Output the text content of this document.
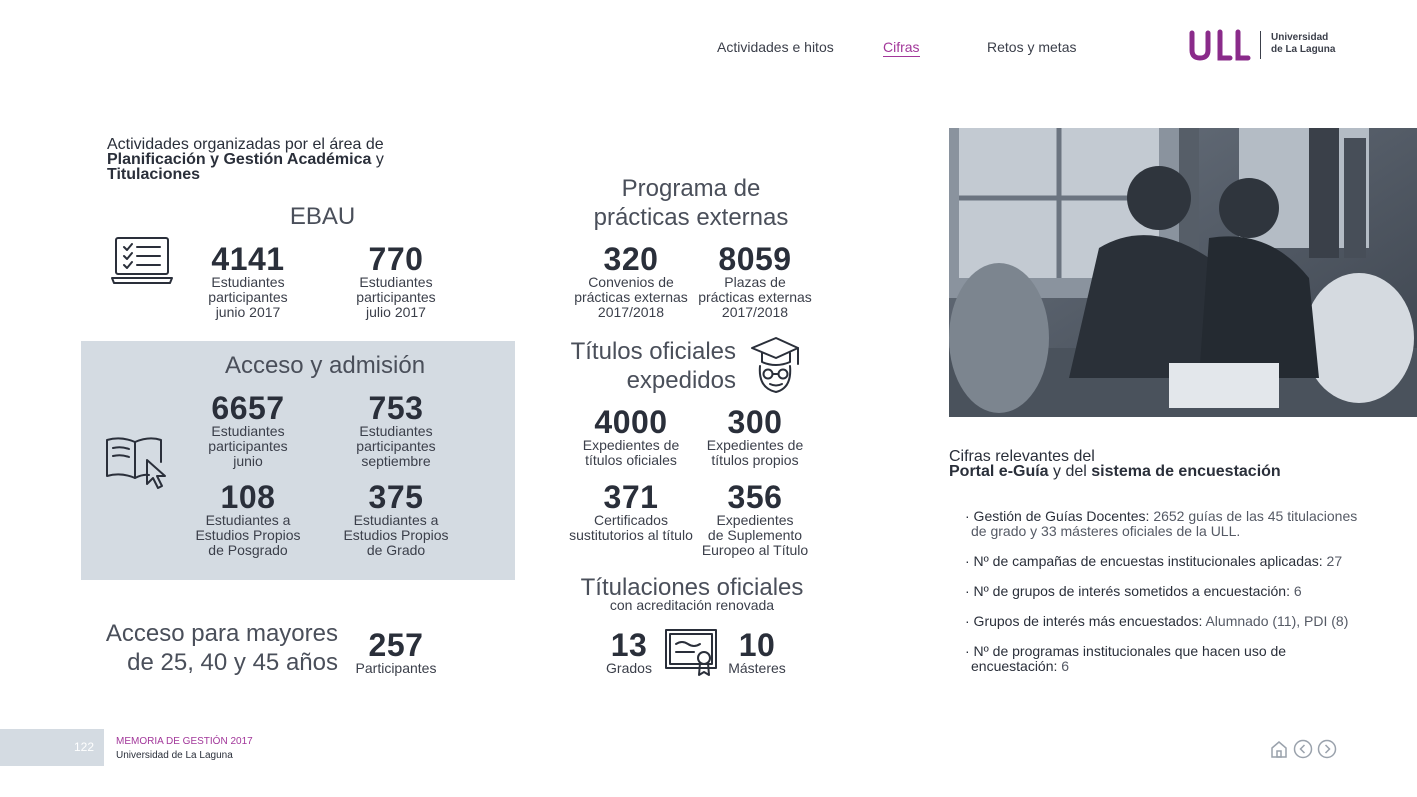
Actividades e hitos	Cifras	Retos y metas
Universidad
de La Laguna
Actividades organizadas por el área de
Planificación y Gestión Académica y
Titulaciones
EBAU
4141
Estudiantes
participantes
junio 2017
770
Estudiantes
participantes
julio 2017
Acceso y admisión
6657
Estudiantes
participantes
junio
753
Estudiantes
participantes
septiembre
108
Estudiantes a
Estudios Propios
de Posgrado
375
Estudiantes a
Estudios Propios
de Grado
Acceso para mayores
de 25, 40 y 45 años 257
Participantes
Programa de
prácticas externas
320
Convenios de
prácticas externas
2017/2018
8059
Plazas de
prácticas externas
2017/2018
Títulos oficiales
expedidos
4000
Expedientes de
títulos oficiales
300
Expedientes de
títulos propios
371
Certificados
sustitutorios al título
356
Expedientes
de Suplemento
Europeo al Título
Títulaciones oficiales
con acreditación renovada
13
Grados
10
Másteres
Cifras relevantes del
Portal e-Guía y del sistema de encuestación
· Gestión de Guías Docentes: 2652 guías de las 45 titulaciones
de grado y 33 másteres oficiales de la ULL.
· Nº de campañas de encuestas institucionales aplicadas: 27
· Nº de grupos de interés sometidos a encuestación: 6
· Grupos de interés más encuestados: Alumnado (11), PDI (8)
· Nº de programas institucionales que hacen uso de
encuestación: 6
122 MEMORIA DE GESTIÓN 2017
Universidad de La Laguna
